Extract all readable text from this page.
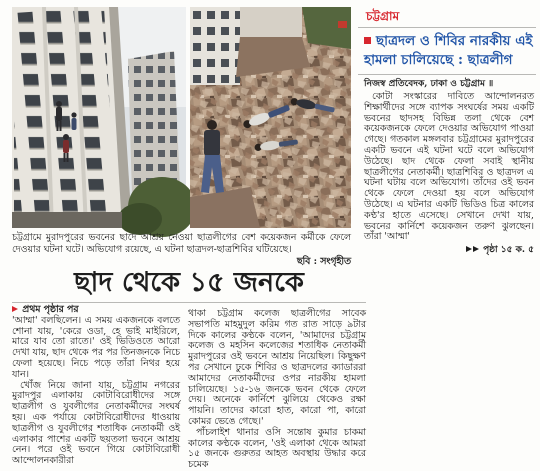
চট্টগ্রামে মুরাদপুরের ভবনের ছাদে আশ্রয় নেওয়া ছাত্রলীগের বেশ কয়েকজন কর্মীকে ফেলে দেওয়ার ঘটনা ঘটে। অভিযোগ রয়েছে, এ ঘটনা ছাত্রদল-ছাত্রশিবির ঘটিয়েছে।
ছবি : সংগৃহীত

চট্টগ্রাম
ছাত্রদল ও শিবির নারকীয় এই হামলা চালিয়েছে : ছাত্রলীগ
নিজস্ব প্রতিবেদক, ঢাকা ও চট্টগ্রাম ॥

কোটা সংস্কারের দাবিতে আন্দোলনরত শিক্ষার্থীদের সঙ্গে ব্যাপক সংঘর্ষের সময় একটি ভবনের ছাদসহ বিভিন্ন তলা থেকে বেশ কয়েকজনকে ফেলে দেওয়ার অভিযোগ পাওয়া গেছে। গতকাল মঙ্গলবার চট্টগ্রামের মুরাদপুরের একটি ভবনে এই ঘটনা ঘটে বলে অভিযোগ উঠেছে। ছাদ থেকে ফেলা সবাই স্থানীয় ছাত্রলীগের নেতাকর্মী। ছাত্রশিবির ও ছাত্রদল এ ঘটনা ঘটায় বলে অভিযোগ। তাঁদের ওই ভবন থেকে ফেলে দেওয়া হয় বলে অভিযোগ উঠেছে। এ ঘটনার একটি ভিডিও চিত্র কালের কণ্ঠ'র হাতে এসেছে। সেখানে দেখা যায়, ভবনের কার্নিশে কয়েকজন তরুণ ঝুলছেন। তাঁরা 'আম্মা'

পৃষ্ঠা ১৫ ক. ৫
ছাদ থেকে ১৫ জনকে
প্রথম পৃষ্ঠার পর

'আম্মা' বলছিলেন। এ সময় একজনকে বলতে শোনা যায়, 'কেরে ওডা, হে ভাই মাইরিলে, মারে যাব তো রাতে।' ওই ভিডিওতে আরো দেখা যায়, ছাদ থেকে পর পর তিনজনকে নিচে ফেলা হয়েছে। নিচে পড়ে তাঁরা নিথর হয়ে যান।

খোঁজ নিয়ে জানা যায়, চট্টগ্রাম নগরের মুরাদপুর এলাকায় কোটাবিরোধীদের সঙ্গে ছাত্রলীগ ও যুবলীগের নেতাকর্মীদের সংঘর্ষ হয়। এক পর্যায়ে কোটাবিরোধীদের ধাওয়ায় ছাত্রলীগ ও যুবলীগের শতাধিক নেতাকর্মী ওই এলাকার পাশের একটি ছয়তলা ভবনে আশ্রয় নেন। পরে ওই ভবনে গিয়ে কোটাবিরোধী আন্দোলনকারীরা

থাকা চট্টগ্রাম কলেজ ছাত্রলীগের সাবেক সভাপতি মাহমুদুল করিম গত রাত সাড়ে ৯টার দিকে কালের কণ্ঠকে বলেন, 'আমাদের চট্টগ্রাম কলেজ ও মহসিন কলেজের শতাধিক নেতাকর্মী মুরাদপুরের ওই ভবনে আশ্রয় নিয়েছিল। কিছুক্ষণ পর সেখানে ঢুকে শিবির ও ছাত্রদলের ক্যাডাররা আমাদের নেতাকর্মীদের ওপর নারকীয় হামলা চালিয়েছে। ১৫-১৬ জনকে ভবন থেকে ফেলে দেয়। অনেকে কার্নিশে ঝুলিয়ে থেকেও রক্ষা পায়নি। তাদের কারো হাত, কারো পা, কারো কোমর ভেঙে গেছে।'

পাঁচলাইশ থানার ওসি সন্তোষ কুমার চাকমা কালের কণ্ঠকে বলেন, 'ওই এলাকা থেকে আমরা ১৫ জনকে গুরুতর আহত অবস্থায় উদ্ধার করে চমেক
